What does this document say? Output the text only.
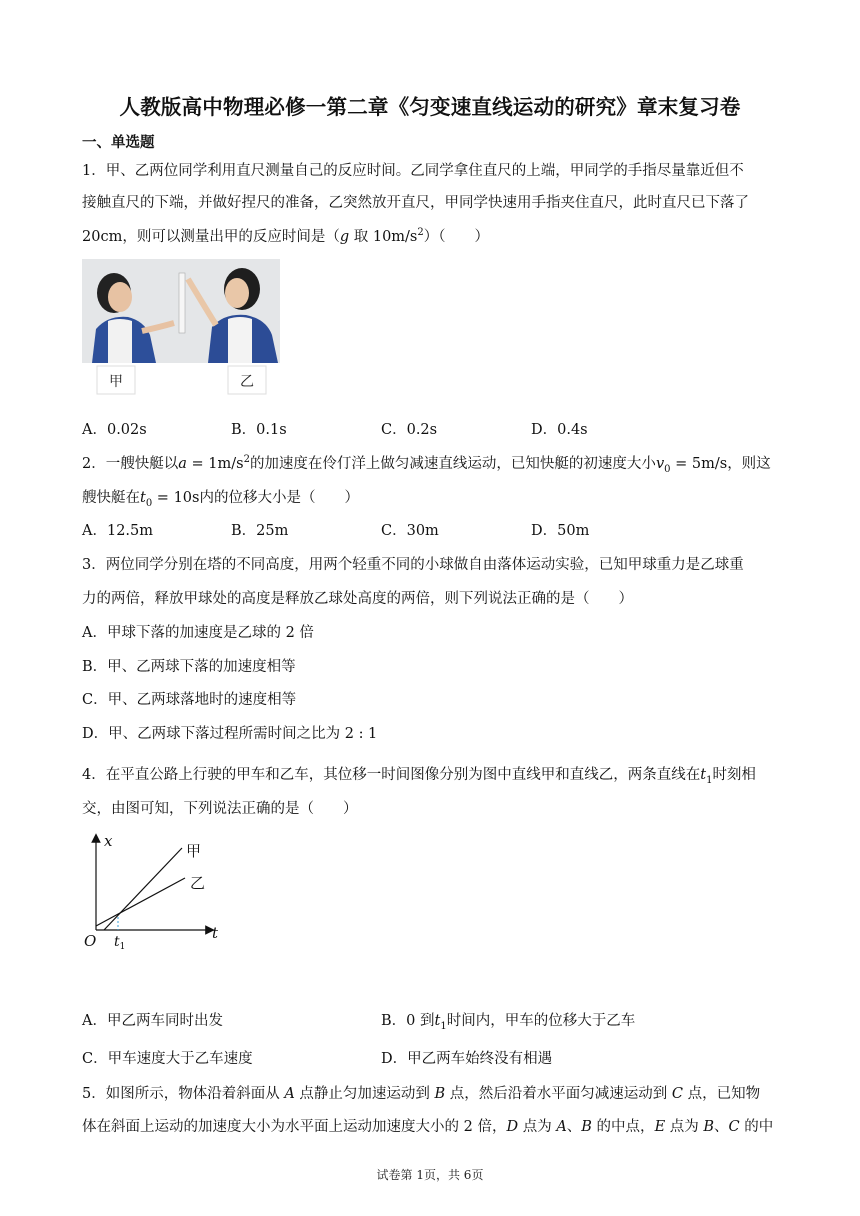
人教版高中物理必修一第二章《匀变速直线运动的研究》章末复习卷
一、单选题
1．甲、乙两位同学利用直尺测量自己的反应时间。乙同学拿住直尺的上端，甲同学的手指尽量靠近但不
接触直尺的下端，并做好捏尺的准备，乙突然放开直尺，甲同学快速用手指夹住直尺，此时直尺已下落了
20cm，则可以测量出甲的反应时间是（g 取 $10m/s^2$）（　　）
甲	乙
A．0.02s	B．0.1s	C．0.2s	D．0.4s
2．一艘快艇以$a = 1m/s^2$的加速度在伶仃洋上做匀减速直线运动，已知快艇的初速度大小$v_0 = 5m/s$，则这
艘快艇在$t_0 = 10s$内的位移大小是（　　）
A．12.5m	B．25m	C．30m	D．50m
3．两位同学分别在塔的不同高度，用两个轻重不同的小球做自由落体运动实验，已知甲球重力是乙球重
力的两倍，释放甲球处的高度是释放乙球处高度的两倍，则下列说法正确的是（　　）
A．甲球下落的加速度是乙球的 2 倍
B．甲、乙两球下落的加速度相等
C．甲、乙两球落地时的速度相等
D．甲、乙两球下落过程所需时间之比为 2 : 1
4．在平直公路上行驶的甲车和乙车，其位移一时间图像分别为图中直线甲和直线乙，两条直线在$t_1$时刻相
交，由图可知，下列说法正确的是（　　）
x
t
O $t_1$
甲
乙
A．甲乙两车同时出发	B．0 到$t_1$时间内，甲车的位移大于乙车
C．甲车速度大于乙车速度	D．甲乙两车始终没有相遇
5．如图所示，物体沿着斜面从 A 点静止匀加速运动到 B 点，然后沿着水平面匀减速运动到 C 点，已知物
体在斜面上运动的加速度大小为水平面上运动加速度大小的 2 倍，D 点为 A、B 的中点，E 点为 B、C 的中
试卷第 1页，共 6页
